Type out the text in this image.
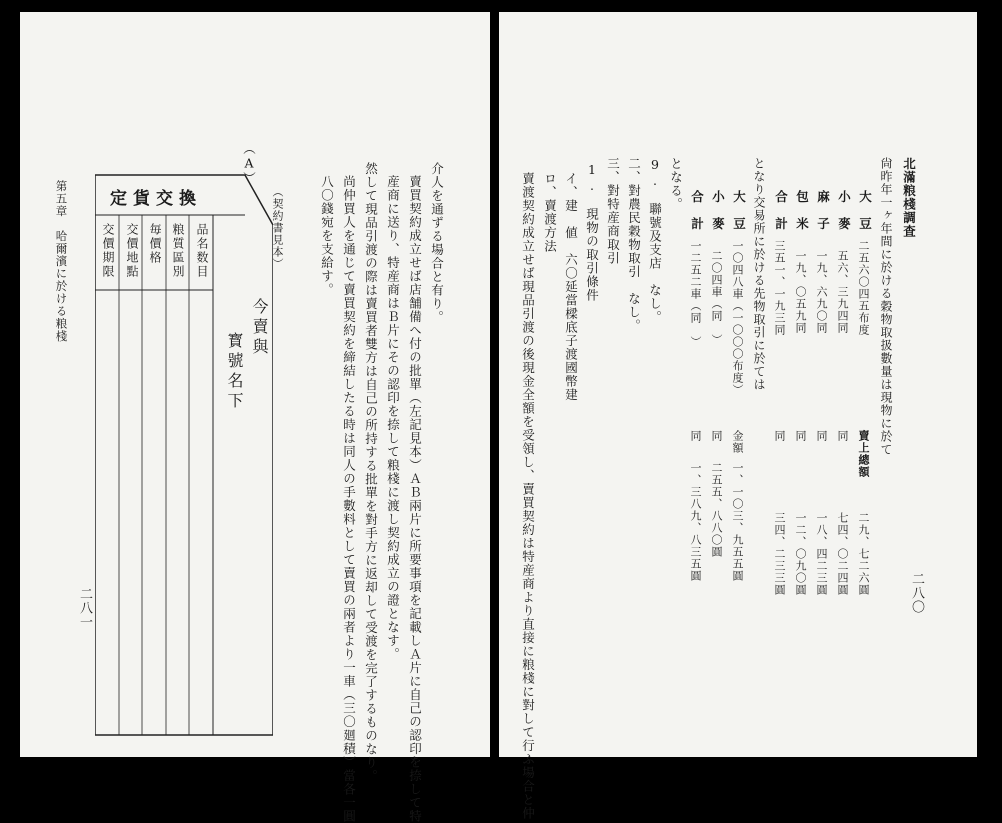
第五章　哈爾濱に於ける粮棧
二八一
定貨交換
品名数目
粮質區別
毎價格
交價地點
交價期限
今賣與
寳號名下
（A）
（契約書見本）	介人を通ずる場合と有り。
賣買契約成立せば店舗備へ付の批單（左記見本）ＡＢ兩片に所要事項を記載しＡ片に自己の認印を捺して特
産商に送り、特産商はＢ片にその認印を捺して粮棧に渡し契約成立の證となす。
然して現品引渡の際は賣買者雙方は自己の所持する批單を對手方に返却して受渡を完了するものなり。
尚仲買人を通じて賣買契約を締結したる時は同人の手數料として賣買の兩者より一車（三〇廻積）當各一圓
八〇錢宛を支給す。
二八〇
北滿粮棧調査
尙昨年一ヶ年間に於ける穀物取扱數量は現物に於て
大　豆
二五六〇四五布度
賣上總額
二九、七二六圓
小　麥
五六、三九四同
同
七四、〇二四圓
麻　子
一九、六九〇同
同
一八、四二三圓
包　米
一九、〇五九同
同
一二、〇九〇圓
合　計
三五一、一九三同
同
三四、二三三圓
となり交易所に於ける先物取引に於ては
大　豆
一〇四八車（一〇〇〇布度）
金額
一、一〇三、九五五圓
小　麥
二〇四車（同　）
同
二五五、八八〇圓
合　計
一二五二車（同　）
同
一、三八九、八三五圓
となる。
9.　聯號及支店　なし。
二、對農民穀物取引　なし。
三、對特産商取引
1.　現物の取引條件
イ、建　値　六〇延當樑底子渡國幣建
ロ、賣渡方法
賣渡契約成立せば現品引渡の後現金全額を受領し、賣買契約は特産商より直接に粮棧に對して行ふ場合と仲
